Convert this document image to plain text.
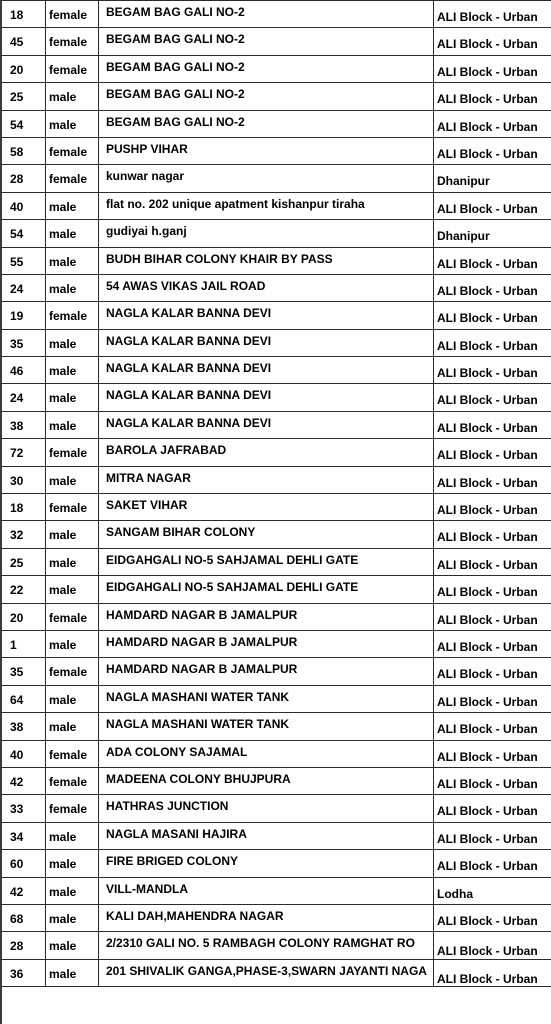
18	female	BEGAM BAG GALI NO-2	ALI Block - Urban
45	female	BEGAM BAG GALI NO-2	ALI Block - Urban
20	female	BEGAM BAG GALI NO-2	ALI Block - Urban
25	male	BEGAM BAG GALI NO-2	ALI Block - Urban
54	male	BEGAM BAG GALI NO-2	ALI Block - Urban
58	female	PUSHP VIHAR	ALI Block - Urban
28	female	kunwar nagar	Dhanipur
40	male	flat no. 202 unique apatment kishanpur tiraha	ALI Block - Urban
54	male	gudiyai h.ganj	Dhanipur
55	male	BUDH BIHAR COLONY KHAIR BY PASS	ALI Block - Urban
24	male	54 AWAS VIKAS JAIL ROAD	ALI Block - Urban
19	female	NAGLA KALAR BANNA DEVI	ALI Block - Urban
35	male	NAGLA KALAR BANNA DEVI	ALI Block - Urban
46	male	NAGLA KALAR BANNA DEVI	ALI Block - Urban
24	male	NAGLA KALAR BANNA DEVI	ALI Block - Urban
38	male	NAGLA KALAR BANNA DEVI	ALI Block - Urban
72	female	BAROLA JAFRABAD	ALI Block - Urban
30	male	MITRA NAGAR	ALI Block - Urban
18	female	SAKET VIHAR	ALI Block - Urban
32	male	SANGAM BIHAR COLONY	ALI Block - Urban
25	male	EIDGAHGALI NO-5 SAHJAMAL DEHLI GATE	ALI Block - Urban
22	male	EIDGAHGALI NO-5 SAHJAMAL DEHLI GATE	ALI Block - Urban
20	female	HAMDARD NAGAR B JAMALPUR	ALI Block - Urban
1	male	HAMDARD NAGAR B JAMALPUR	ALI Block - Urban
35	female	HAMDARD NAGAR B JAMALPUR	ALI Block - Urban
64	male	NAGLA MASHANI WATER TANK	ALI Block - Urban
38	male	NAGLA MASHANI WATER TANK	ALI Block - Urban
40	female	ADA COLONY SAJAMAL	ALI Block - Urban
42	female	MADEENA COLONY BHUJPURA	ALI Block - Urban
33	female	HATHRAS JUNCTION	ALI Block - Urban
34	male	NAGLA MASANI HAJIRA	ALI Block - Urban
60	male	FIRE BRIGED COLONY	ALI Block - Urban
42	male	VILL-MANDLA	Lodha
68	male	KALI DAH,MAHENDRA NAGAR	ALI Block - Urban
28	male	2/2310 GALI NO. 5 RAMBAGH COLONY RAMGHAT RO	ALI Block - Urban
36	male	201 SHIVALIK GANGA,PHASE-3,SWARN JAYANTI NAGA	ALI Block - Urban
